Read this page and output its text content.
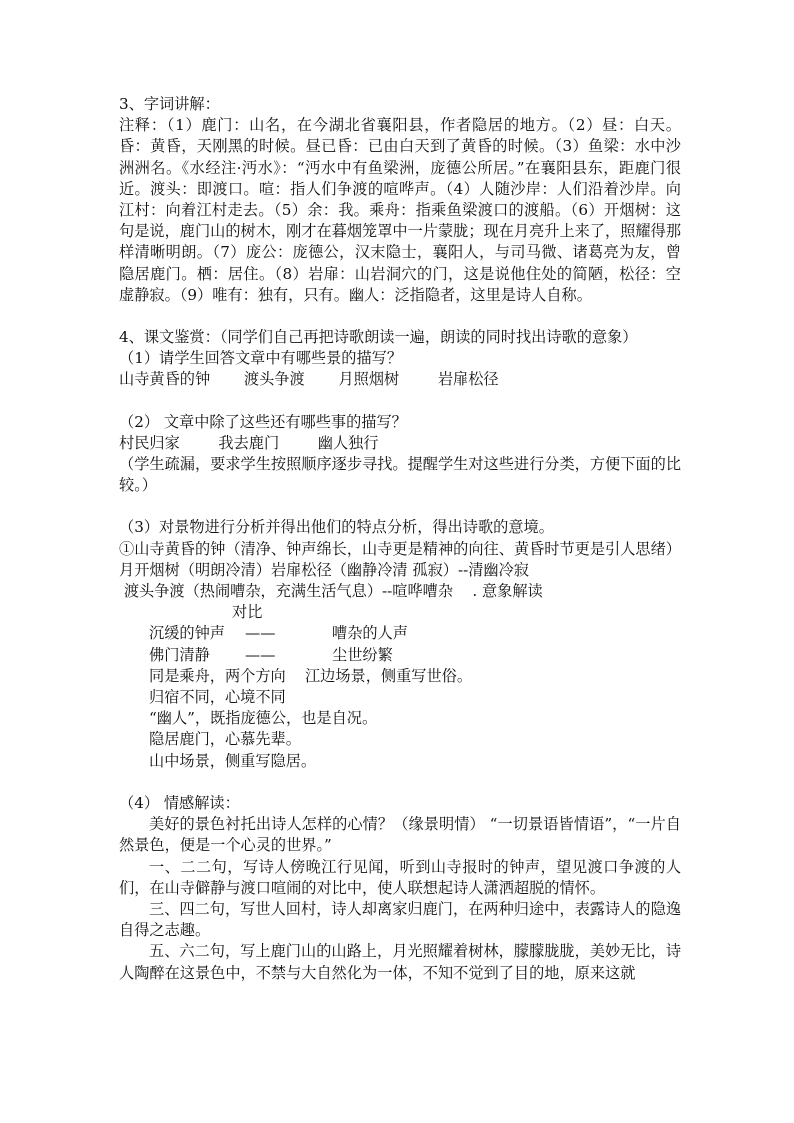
3、字词讲解：

注释：（1）鹿门：山名，在今湖北省襄阳县，作者隐居的地方。（2）昼：白天。昏：黄昏，天刚黑的时候。昼已昏：已由白天到了黄昏的时候。（3）鱼梁：水中沙洲洲名。《水经注·沔水》：“沔水中有鱼梁洲，庞德公所居。”在襄阳县东，距鹿门很近。渡头：即渡口。喧：指人们争渡的喧哗声。（4）人随沙岸：人们沿着沙岸。向江村：向着江村走去。（5）余：我。乘舟：指乘鱼梁渡口的渡船。（6）开烟树：这句是说，鹿门山的树木，刚才在暮烟笼罩中一片蒙胧；现在月亮升上来了，照耀得那样清晰明朗。（7）庞公：庞德公，汉末隐士，襄阳人，与司马微、诸葛亮为友，曾隐居鹿门。栖：居住。（8）岩扉：山岩洞穴的门，这是说他住处的简陋，松径：空虚静寂。（9）唯有：独有，只有。幽人：泛指隐者，这里是诗人自称。

4、课文鉴赏：（同学们自己再把诗歌朗读一遍，朗读的同时找出诗歌的意象）

（1）请学生回答文章中有哪些景的描写？

山寺黄昏的钟 渡头争渡 月照烟树	岩扉松径

（2） 文章中除了这些还有哪些事的描写？

村民归家	我去鹿门	幽人独行

（学生疏漏，要求学生按照顺序逐步寻找。提醒学生对这些进行分类，方便下面的比较。）

（3）对景物进行分析并得出他们的特点分析，得出诗歌的意境。

①山寺黄昏的钟（清净、钟声绵长，山寺更是精神的向往、黄昏时节更是引人思绪）

月开烟树（明朗冷清）岩扉松径（幽静冷清 孤寂）--清幽冷寂

渡头争渡（热闹嘈杂，充满生活气息）--喧哗嘈杂    . 意象解读

对比

沉缓的钟声	——	嘈杂的人声
佛门清静	——	尘世纷繁

同是乘舟，两个方向    江边场景，侧重写世俗。

归宿不同，心境不同

“幽人”，既指庞德公，也是自况。

隐居鹿门，心慕先辈。

山中场景，侧重写隐居。

（4） 情感解读：

美好的景色衬托出诗人怎样的心情？（缘景明情） “一切景语皆情语”，“一片自然景色，便是一个心灵的世界。”

一、二二句，写诗人傍晚江行见闻，听到山寺报时的钟声，望见渡口争渡的人们，在山寺僻静与渡口喧闹的对比中，使人联想起诗人潇洒超脱的情怀。

三、四二句，写世人回村，诗人却离家归鹿门，在两种归途中，表露诗人的隐逸自得之志趣。

五、六二句，写上鹿门山的山路上，月光照耀着树林，朦朦胧胧，美妙无比，诗人陶醉在这景色中，不禁与大自然化为一体，不知不觉到了目的地，原来这就
